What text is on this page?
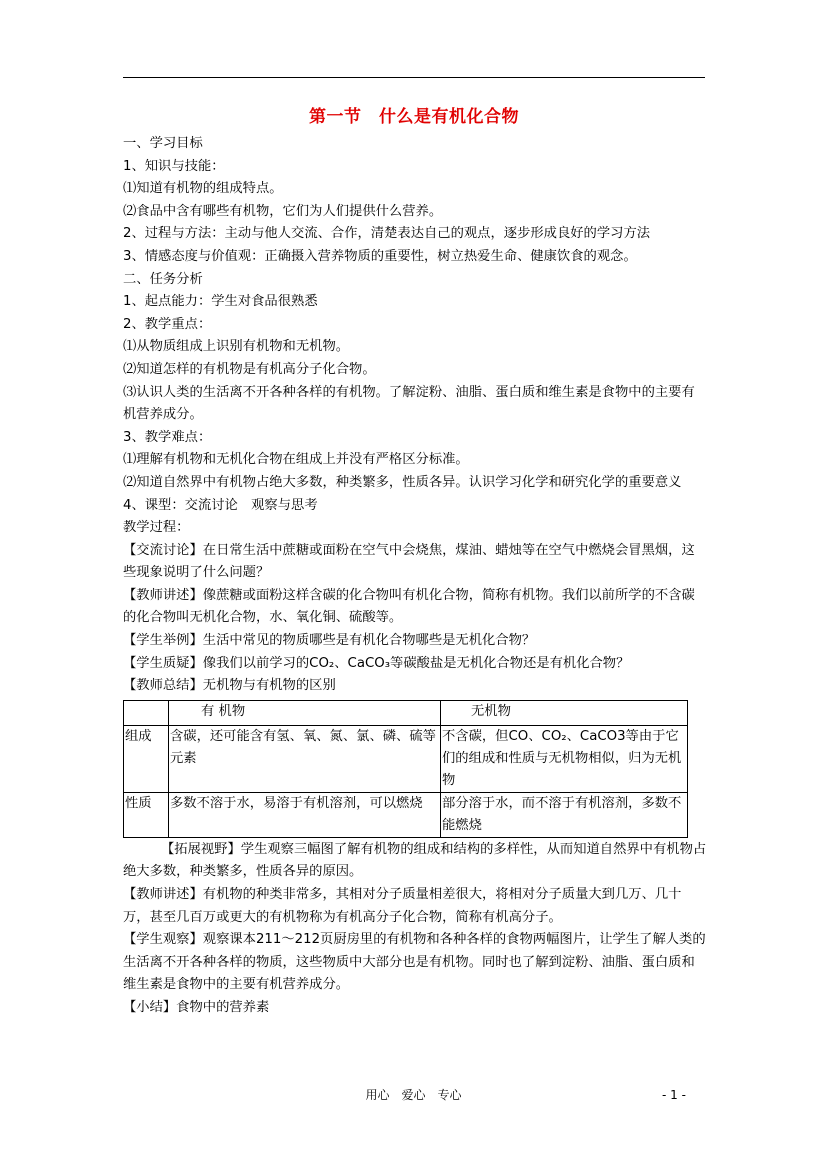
第一节　什么是有机化合物

一、学习目标

1、知识与技能：

⑴知道有机物的组成特点。

⑵食品中含有哪些有机物，它们为人们提供什么营养。

2、过程与方法：主动与他人交流、合作，清楚表达自己的观点，逐步形成良好的学习方法

3、情感态度与价值观：正确摄入营养物质的重要性，树立热爱生命、健康饮食的观念。

二、任务分析

1、起点能力：学生对食品很熟悉

2、教学重点：

⑴从物质组成上识别有机物和无机物。

⑵知道怎样的有机物是有机高分子化合物。

⑶认识人类的生活离不开各种各样的有机物。了解淀粉、油脂、蛋白质和维生素是食物中的主要有机营养成分。

3、教学难点：

⑴理解有机物和无机化合物在组成上并没有严格区分标准。

⑵知道自然界中有机物占绝大多数，种类繁多，性质各异。认识学习化学和研究化学的重要意义

4、课型：交流讨论　观察与思考

教学过程：

【交流讨论】在日常生活中蔗糖或面粉在空气中会烧焦，煤油、蜡烛等在空气中燃烧会冒黑烟，这些现象说明了什么问题？

【教师讲述】像蔗糖或面粉这样含碳的化合物叫有机化合物，简称有机物。我们以前所学的不含碳的化合物叫无机化合物，水、氧化铜、硫酸等。

【学生举例】生活中常见的物质哪些是有机化合物哪些是无机化合物？

【学生质疑】像我们以前学习的CO₂、CaCO₃等碳酸盐是无机化合物还是有机化合物？

【教师总结】无机物与有机物的区别

	有 机物	无机物
组成	含碳，还可能含有氢、氧、氮、氯、磷、硫等元素	不含碳，但CO、CO₂、CaCO3等由于它们的组成和性质与无机物相似，归为无机物
性质	多数不溶于水，易溶于有机溶剂，可以燃烧	部分溶于水，而不溶于有机溶剂，多数不能燃烧

【拓展视野】学生观察三幅图了解有机物的组成和结构的多样性，从而知道自然界中有机物占绝大多数，种类繁多，性质各异的原因。

【教师讲述】有机物的种类非常多，其相对分子质量相差很大，将相对分子质量大到几万、几十万，甚至几百万或更大的有机物称为有机高分子化合物，简称有机高分子。

【学生观察】观察课本211～212页厨房里的有机物和各种各样的食物两幅图片，让学生了解人类的生活离不开各种各样的物质，这些物质中大部分也是有机物。同时也了解到淀粉、油脂、蛋白质和维生素是食物中的主要有机营养成分。

【小结】食物中的营养素

用心　爱心　专心	- 1 -
